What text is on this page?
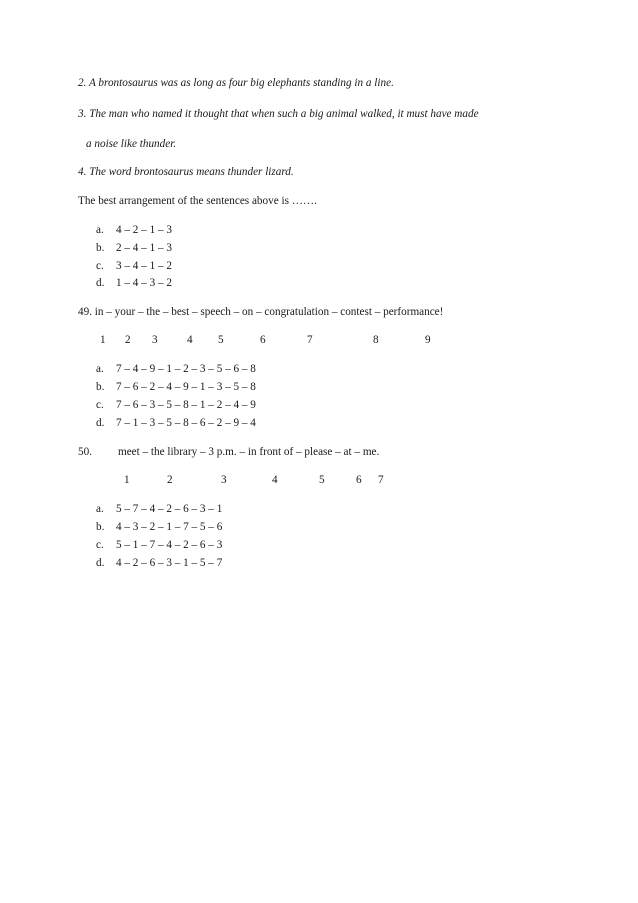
2. A brontosaurus was as long as four big elephants standing in a line.
3. The man who named it thought that when such a big animal walked, it must have made
a noise like thunder.
4. The word brontosaurus means thunder lizard.
The best arrangement of the sentences above is …….
a. 4 – 2 – 1 – 3
b. 2 – 4 – 1 – 3
c. 3 – 4 – 1 – 2
d. 1 – 4 – 3 – 2
49. in – your – the – best – speech – on – congratulation – contest – performance!
1 2 3	4 5	6	7	8	9
a. 7 – 4 – 9 – 1 – 2 – 3 – 5 – 6 – 8
b. 7 – 6 – 2 – 4 – 9 – 1 – 3 – 5 – 8
c. 7 – 6 – 3 – 5 – 8 – 1 – 2 – 4 – 9
d. 7 – 1 – 3 – 5 – 8 – 6 – 2 – 9 – 4
50. meet – the library – 3 p.m. – in front of – please – at – me.
1	2	3	4	5	6 7
a. 5 – 7 – 4 – 2 – 6 – 3 – 1
b. 4 – 3 – 2 – 1 – 7 – 5 – 6
c. 5 – 1 – 7 – 4 – 2 – 6 – 3
d. 4 – 2 – 6 – 3 – 1 – 5 – 7
